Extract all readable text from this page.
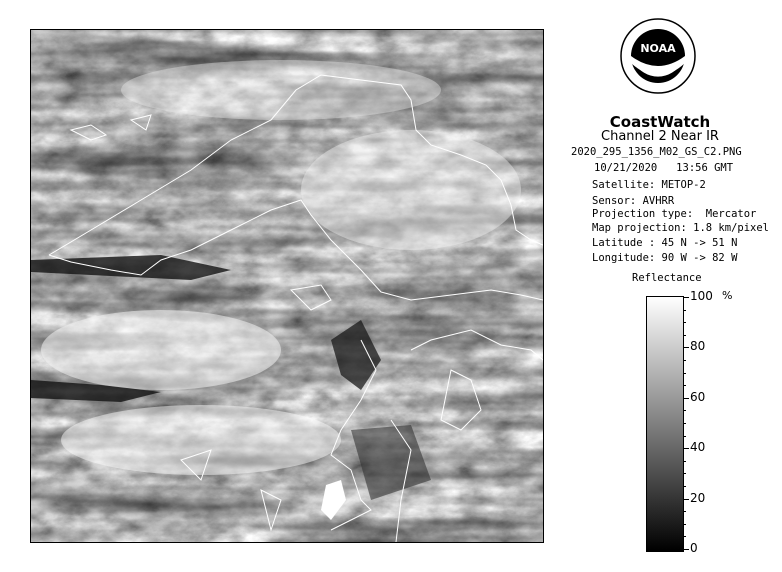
NOAA
CoastWatch
Channel 2 Near IR
2020_295_1356_M02_GS_C2.PNG
10/21/2020   13:56 GMT
Satellite: METOP-2
Sensor: AVHRR
Projection type:  Mercator
Map projection: 1.8 km/pixel
Latitude : 45 N -> 51 N
Longitude: 90 W -> 82 W
Reflectance
%
100
80
60
40
20
0
